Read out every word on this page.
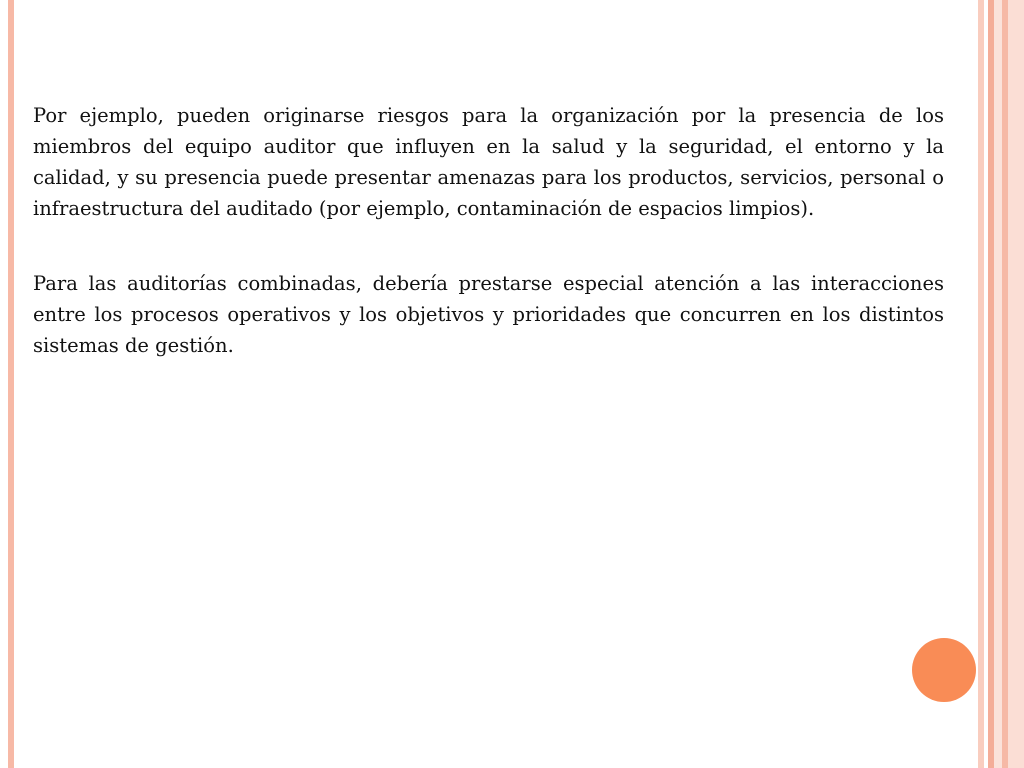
Por ejemplo, pueden originarse riesgos para la organización por la presencia de los miembros del equipo auditor que influyen en la salud y la seguridad, el entorno y la calidad, y su presencia puede presentar amenazas para los productos, servicios, personal o infraestructura del auditado (por ejemplo, contaminación de espacios limpios).

Para las auditorías combinadas, debería prestarse especial atención a las interacciones entre los procesos operativos y los objetivos y prioridades que concurren en los distintos sistemas de gestión.
